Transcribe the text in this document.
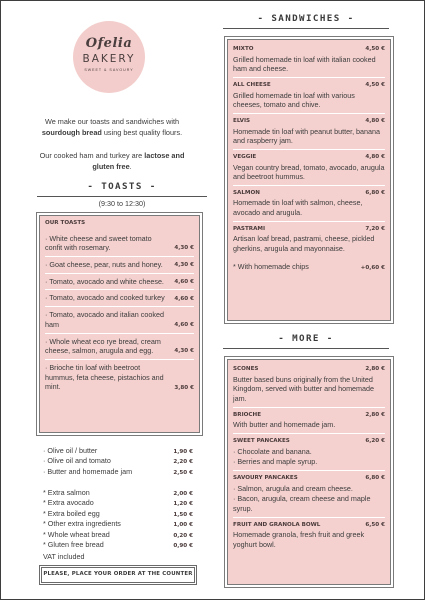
Ofelia
BAKERY
SWEET & SAVOURY

We make our toasts and sandwiches with sourdough bread using best quality flours.

Our cooked ham and turkey are lactose and gluten free.

- TOASTS -
(9:30 to 12:30)
OUR TOASTS
· White cheese and sweet tomato confit with rosemary.	4,30 €
· Goat cheese, pear, nuts and honey.	4,30 €
· Tomato, avocado and white cheese.	4,60 €
· Tomato, avocado and cooked turkey	4,60 €
· Tomato, avocado and italian cooked ham	4,60 €
· Whole wheat eco rye bread, cream cheese, salmon, arugula and egg.	4,30 €
· Brioche tin loaf with beetroot hummus, feta cheese, pistachios and mint.	3,80 €
· Olive oil / butter	1,90 €
· Olive oil and tomato	2,20 €
· Butter and homemade jam	2,50 €
* Extra salmon	2,00 €
* Extra avocado	1,20 €
* Extra boiled egg	1,50 €
* Other extra ingredients	1,00 €
* Whole wheat bread	0,20 €
* Gluten free bread	0,90 €
VAT included
PLEASE, PLACE YOUR ORDER AT THE COUNTER
- SANDWICHES -
MIXTO	4,50 €
Grilled homemade tin loaf with italian cooked ham and cheese.
ALL CHEESE	4,50 €
Grilled homemade tin loaf with various cheeses, tomato and chive.
ELVIS	4,80 €
Homemade tin loaf with peanut butter, banana and raspberry jam.
VEGGIE	4,80 €
Vegan country bread, tomato, avocado, arugula and beetroot hummus.
SALMON	6,80 €
Homemade tin loaf with salmon, cheese, avocado and arugula.
PASTRAMI	7,20 €
Artisan loaf bread, pastrami, cheese, pickled gherkins, arugula and mayonnaise.
* With homemade chips	+0,60 €
- MORE -
SCONES	2,80 €
Butter based buns originally from the United Kingdom, served with butter and homemade jam.
BRIOCHE	2,80 €
With butter and homemade jam.
SWEET PANCAKES	6,20 €
· Chocolate and banana.
· Berries and maple syrup.
SAVOURY PANCAKES	6,80 €
· Salmon, arugula and cream cheese.
· Bacon, arugula, cream cheese and maple syrup.
FRUIT AND GRANOLA BOWL	6,50 €
Homemade granola, fresh fruit and greek yoghurt bowl.
